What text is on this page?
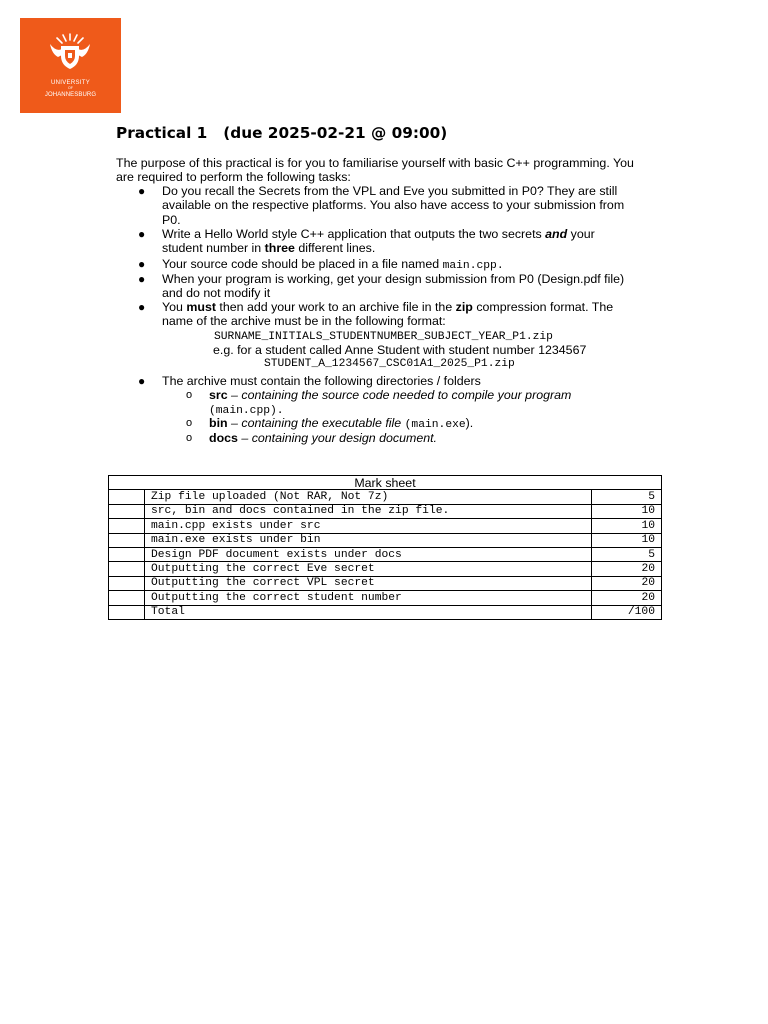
UNIVERSITY
OF
JOHANNESBURG
Practical 1   (due 2025-02-21 @ 09:00)
The purpose of this practical is for you to familiarise yourself with basic C++ programming. You
are required to perform the following tasks:
● Do you recall the Secrets from the VPL and Eve you submitted in P0? They are still
available on the respective platforms. You also have access to your submission from
P0.
● Write a Hello World style C++ application that outputs the two secrets and your
student number in three different lines.
● Your source code should be placed in a file named main.cpp.
● When your program is working, get your design submission from P0 (Design.pdf file)
and do not modify it
● You must then add your work to an archive file in the zip compression format. The
name of the archive must be in the following format:
SURNAME_INITIALS_STUDENTNUMBER_SUBJECT_YEAR_P1.zip
e.g. for a student called Anne Student with student number 1234567
STUDENT_A_1234567_CSC01A1_2025_P1.zip
● The archive must contain the following directories / folders
o src – containing the source code needed to compile your program
(main.cpp).
o bin – containing the executable file (main.exe).
o docs – containing your design document.
Mark sheet		
	Zip file uploaded (Not RAR, Not 7z)	5
	src, bin and docs contained in the zip file.	10
	main.cpp exists under src	10
	main.exe exists under bin	10
	Design PDF document exists under docs	5
	Outputting the correct Eve secret	20
	Outputting the correct VPL secret	20
	Outputting the correct student number	20
	Total	/100
